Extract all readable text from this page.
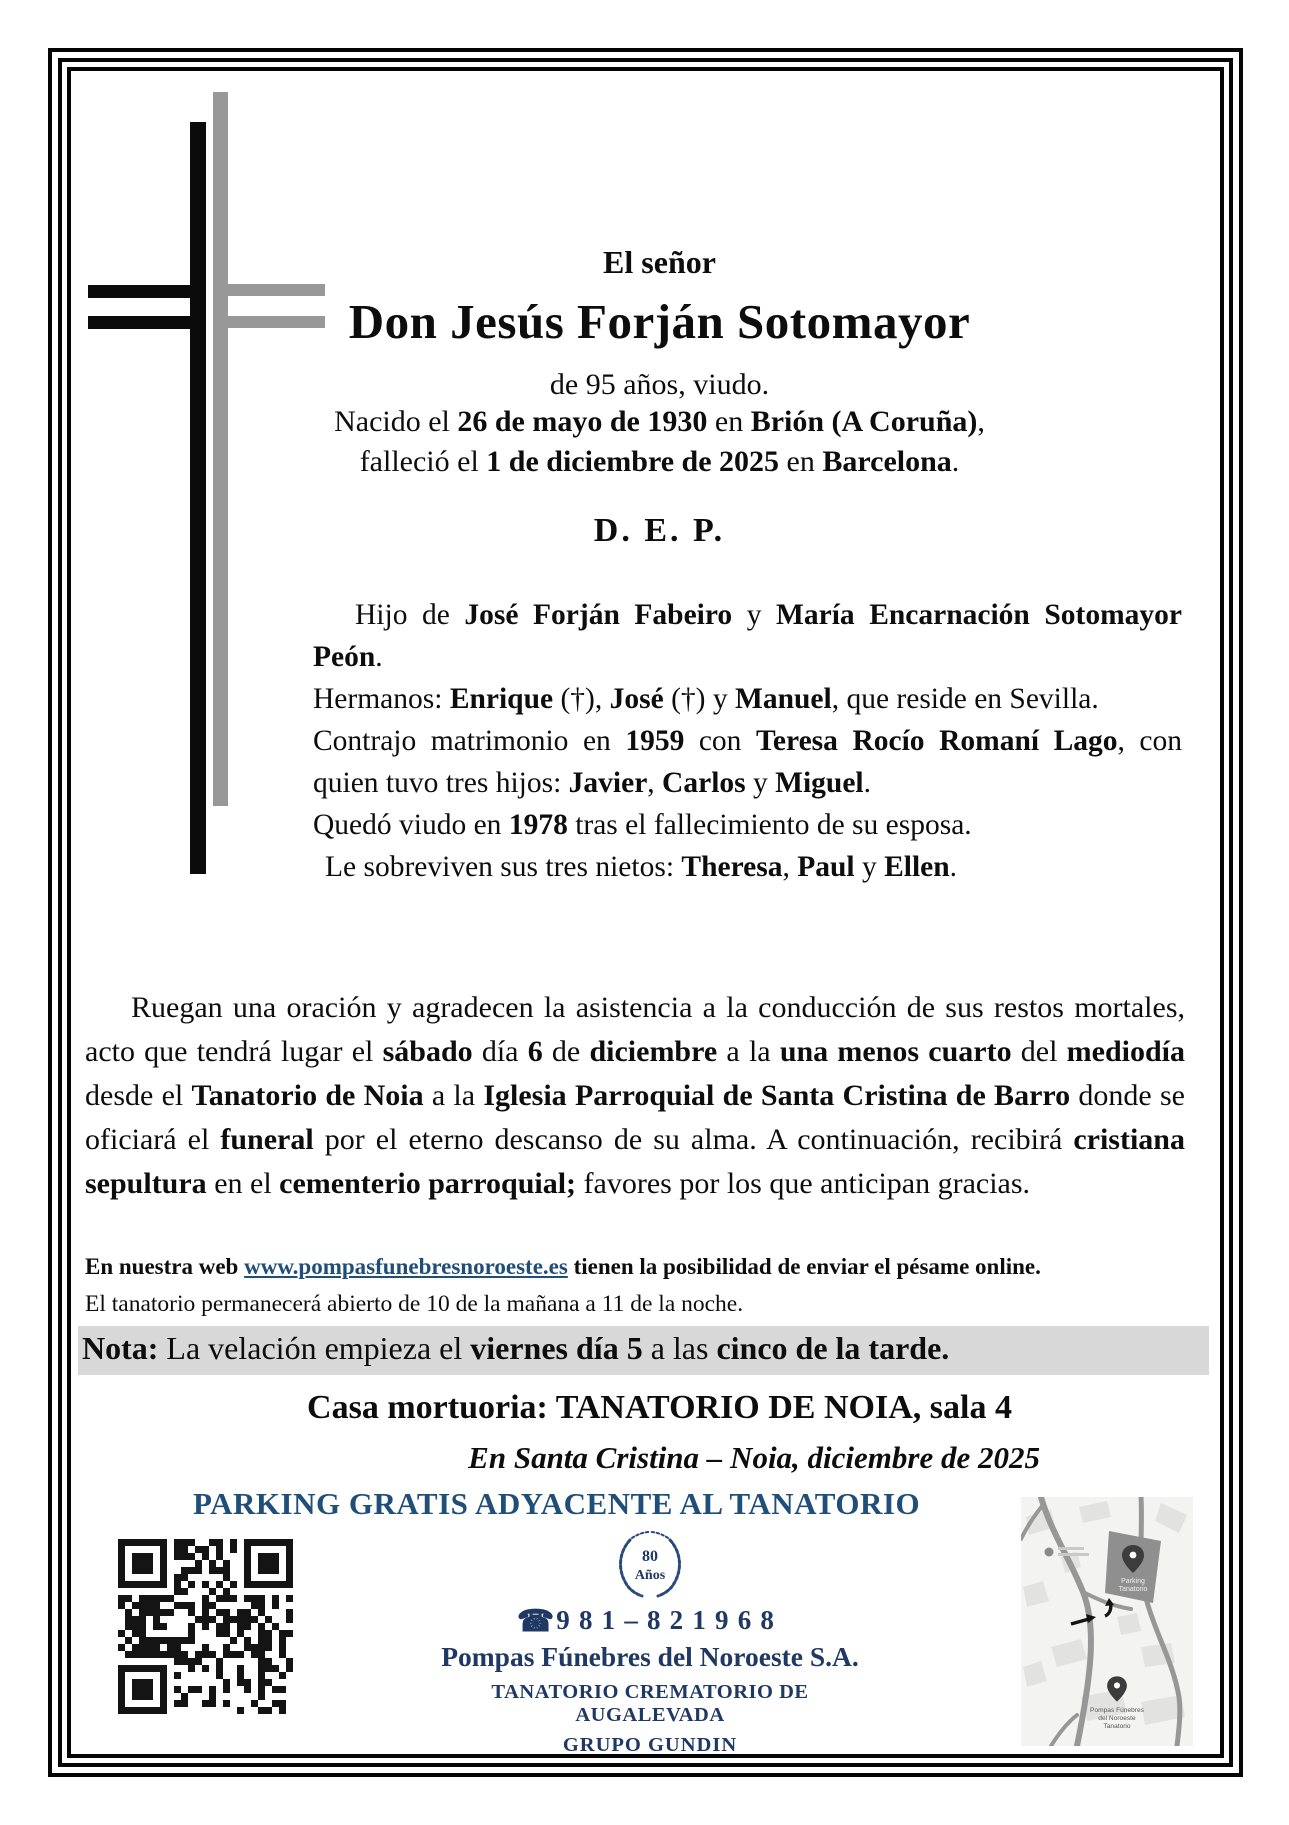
El señor
Don Jesús Forján Sotomayor
de 95 años, viudo.
Nacido el 26 de mayo de 1930 en Brión (A Coruña),
falleció el 1 de diciembre de 2025 en Barcelona.
D. E. P.

Hijo de José Forján Fabeiro y María Encarnación Sotomayor Peón.

Hermanos: Enrique (†), José (†) y Manuel, que reside en Sevilla.

Contrajo matrimonio en 1959 con Teresa Rocío Romaní Lago, con quien tuvo tres hijos: Javier, Carlos y Miguel.

Quedó viudo en 1978 tras el fallecimiento de su esposa.

Le sobreviven sus tres nietos: Theresa, Paul y Ellen.

Ruegan una oración y agradecen la asistencia a la conducción de sus restos mortales, acto que tendrá lugar el sábado día 6 de diciembre a la una menos cuarto del mediodía desde el Tanatorio de Noia a la Iglesia Parroquial de Santa Cristina de Barro donde se oficiará el funeral por el eterno descanso de su alma. A continuación, recibirá cristiana sepultura en el cementerio parroquial; favores por los que anticipan gracias.
En nuestra web www.pompasfunebresnoroeste.es tienen la posibilidad de enviar el pésame online.
El tanatorio permanecerá abierto de 10 de la mañana a 11 de la noche.
Nota: La velación empieza el viernes día 5 a las cinco de la tarde.
Casa mortuoria: TANATORIO DE NOIA, sala 4
En Santa Cristina – Noia, diciembre de 2025
PARKING GRATIS ADYACENTE AL TANATORIO
80
Años
☎981–821968
Pompas Fúnebres del Noroeste S.A.
TANATORIO CREMATORIO DE AUGALEVADA
GRUPO GUNDIN
Parking
Tanatorio
Pompas Fúnebres
del Noroeste
Tanatorio
